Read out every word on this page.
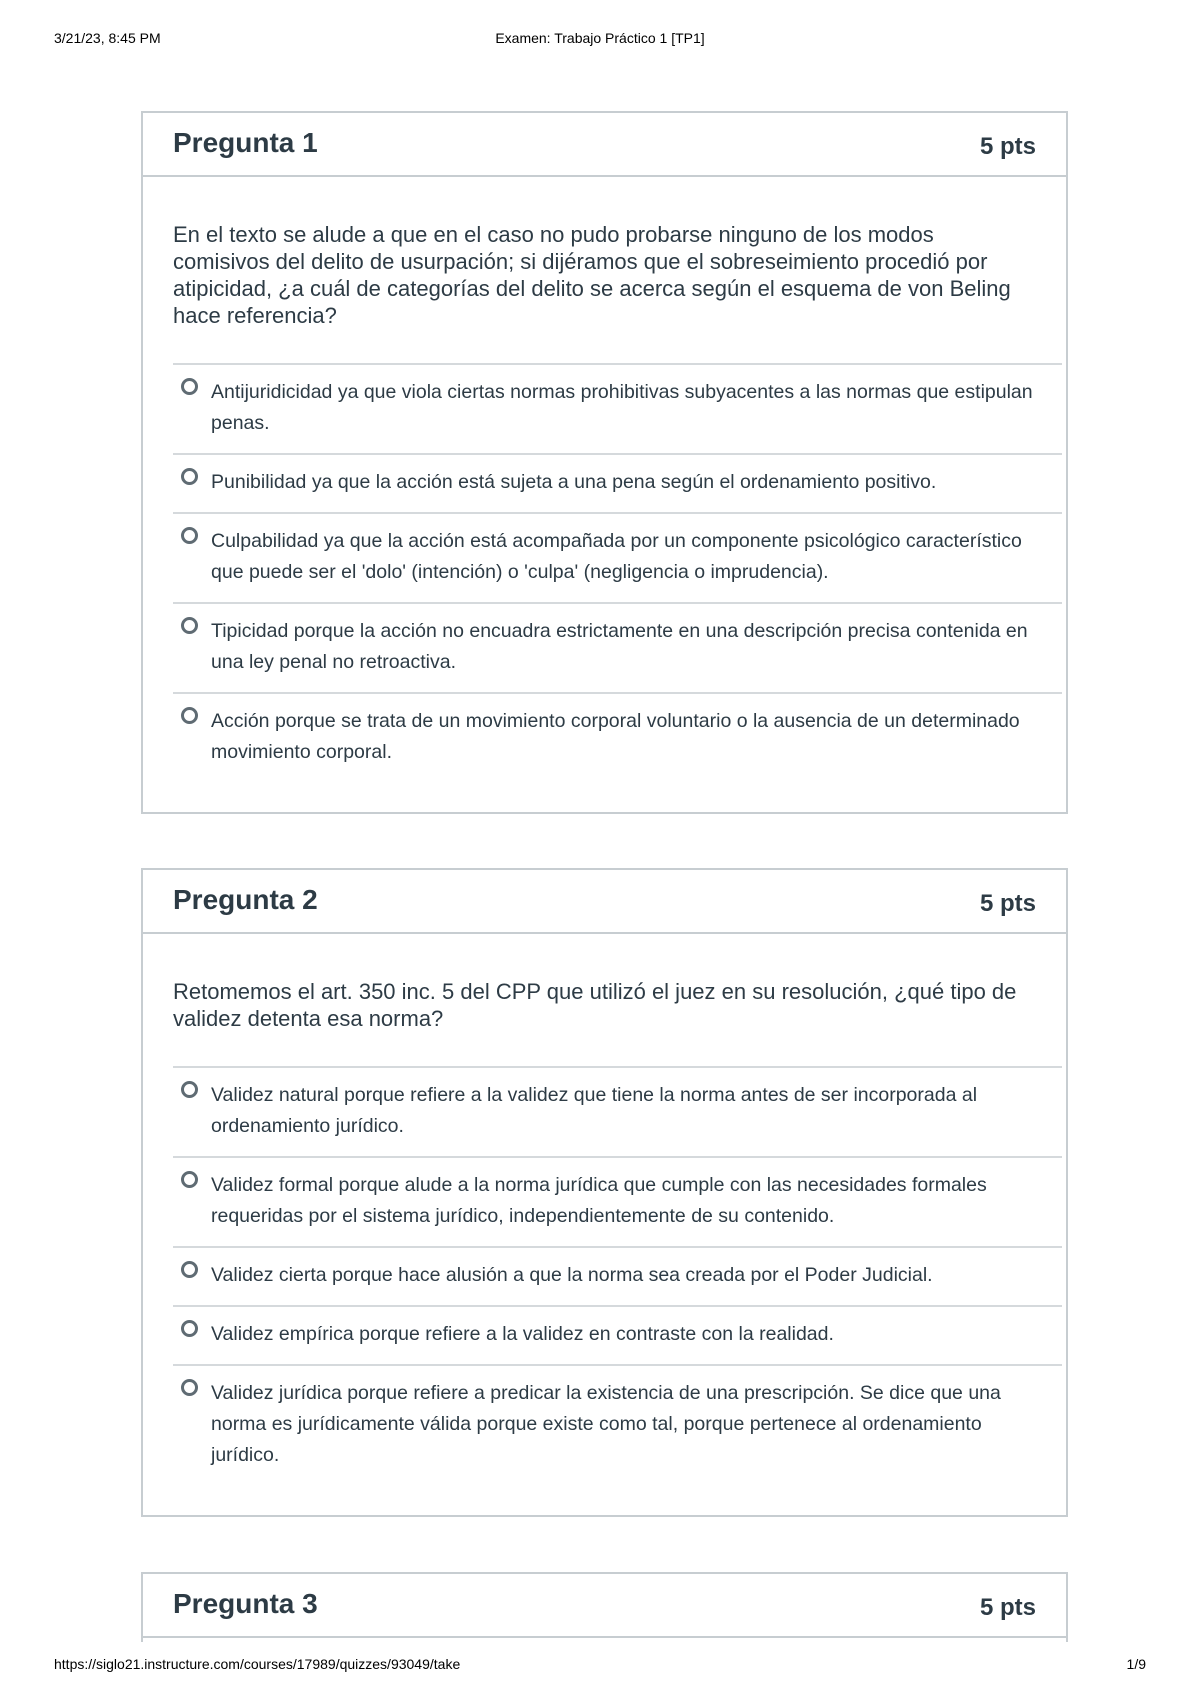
3/21/23, 8:45 PM	Examen: Trabajo Práctico 1 [TP1]
Pregunta 1	5 pts
En el texto se alude a que en el caso no pudo probarse ninguno de los modos comisivos del delito de usurpación; si dijéramos que el sobreseimiento procedió por atipicidad, ¿a cuál de categorías del delito se acerca según el esquema de von Beling hace referencia?
Antijuridicidad ya que viola ciertas normas prohibitivas subyacentes a las normas que estipulan penas.
Punibilidad ya que la acción está sujeta a una pena según el ordenamiento positivo.
Culpabilidad ya que la acción está acompañada por un componente psicológico característico que puede ser el 'dolo' (intención) o 'culpa' (negligencia o imprudencia).
Tipicidad porque la acción no encuadra estrictamente en una descripción precisa contenida en una ley penal no retroactiva.
Acción porque se trata de un movimiento corporal voluntario o la ausencia de un determinado movimiento corporal.
Pregunta 2	5 pts
Retomemos el art. 350 inc. 5 del CPP que utilizó el juez en su resolución, ¿qué tipo de validez detenta esa norma?
Validez natural porque refiere a la validez que tiene la norma antes de ser incorporada al ordenamiento jurídico.
Validez formal porque alude a la norma jurídica que cumple con las necesidades formales requeridas por el sistema jurídico, independientemente de su contenido.
Validez cierta porque hace alusión a que la norma sea creada por el Poder Judicial.
Validez empírica porque refiere a la validez en contraste con la realidad.
Validez jurídica porque refiere a predicar la existencia de una prescripción. Se dice que una norma es jurídicamente válida porque existe como tal, porque pertenece al ordenamiento jurídico.
Pregunta 3	5 pts
https://siglo21.instructure.com/courses/17989/quizzes/93049/take	1/9
